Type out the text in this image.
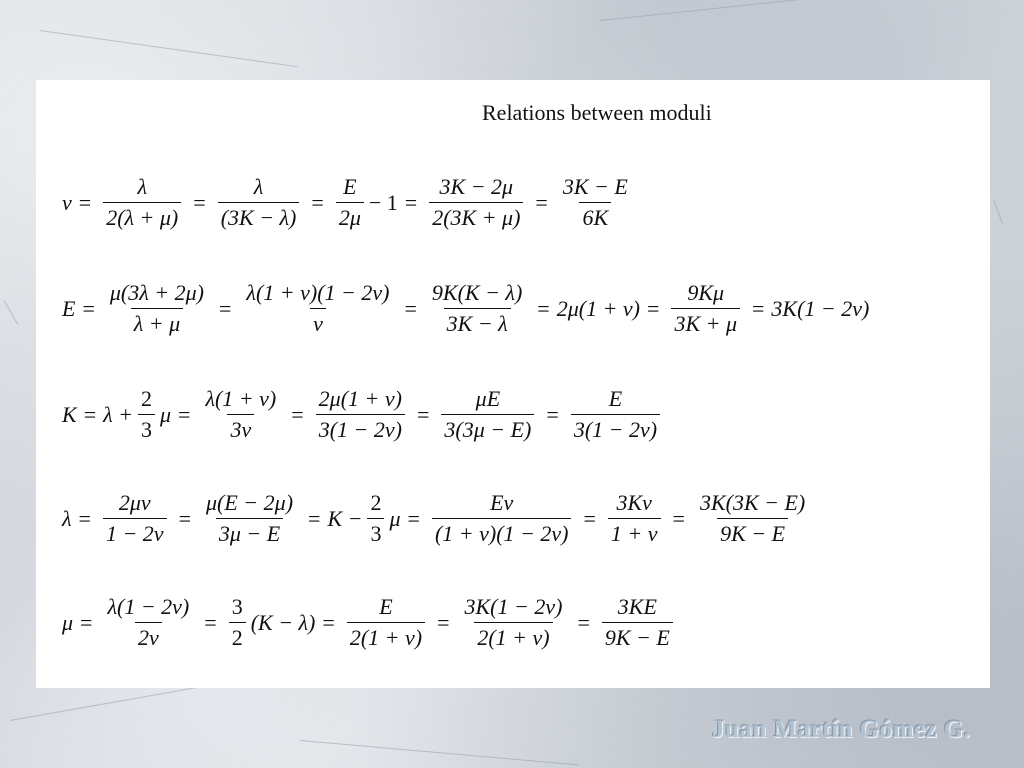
Relations between moduli
$\nu = \frac{\lambda}{2(\lambda + \mu)} = \frac{\lambda}{(3K - \lambda)} = \frac{E}{2\mu} - 1 = \frac{3K - 2\mu}{2(3K + \mu)} = \frac{3K - E}{6K}$
$E = \frac{\mu(3\lambda + 2\mu)}{\lambda + \mu} = \frac{\lambda(1 + \nu)(1 - 2\nu)}{\nu} = \frac{9K(K - \lambda)}{3K - \lambda} = 2\mu(1 + \nu) = \frac{9K\mu}{3K + \mu} = 3K(1 - 2\nu)$
$K = \lambda + \frac{2}{3}$ $\mu = \frac{\lambda(1 + \nu)}{3\nu} = \frac{2\mu(1 + \nu)}{3(1 - 2\nu)} = \frac{\mu E}{3(3\mu - E)} = \frac{E}{3(1 - 2\nu)}$
$\lambda = \frac{2\mu\nu}{1 - 2\nu} = \frac{\mu(E - 2\mu)}{3\mu - E} = K - \frac{2}{3}$ $\mu = \frac{E\nu}{(1 + \nu)(1 - 2\nu)} = \frac{3K\nu}{1 + \nu} = \frac{3K(3K - E)}{9K - E}$
$\mu = \frac{\lambda(1 - 2\nu)}{2\nu} = \frac{3}{2} (K - \lambda) = \frac{E}{2(1 + \nu)} = \frac{3K(1 - 2\nu)}{2(1 + \nu)} = \frac{3KE}{9K - E}$
Juan Martín Gómez G.
